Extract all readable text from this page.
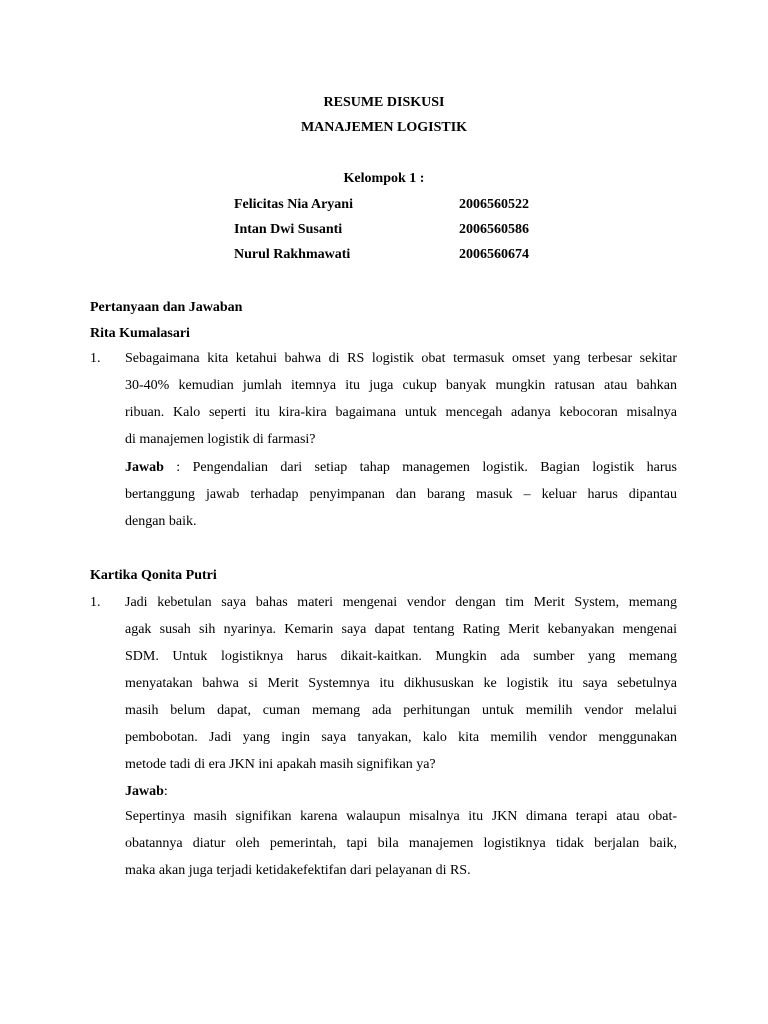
RESUME DISKUSI
MANAJEMEN LOGISTIK
Kelompok 1 :
Felicitas Nia Aryani	2006560522
Intan Dwi Susanti	2006560586
Nurul Rakhmawati	2006560674
Pertanyaan dan Jawaban
Rita Kumalasari
1. Sebagaimana kita ketahui bahwa di RS logistik obat termasuk omset yang terbesar sekitar
30-40% kemudian jumlah itemnya itu juga cukup banyak mungkin ratusan atau bahkan
ribuan. Kalo seperti itu kira-kira bagaimana untuk mencegah adanya kebocoran misalnya
di manajemen logistik di farmasi?
Jawab : Pengendalian dari setiap tahap managemen logistik. Bagian logistik harus
bertanggung jawab terhadap penyimpanan dan barang masuk – keluar harus dipantau
dengan baik.
Kartika Qonita Putri
1. Jadi kebetulan saya bahas materi mengenai vendor dengan tim Merit System, memang
agak susah sih nyarinya. Kemarin saya dapat tentang Rating Merit kebanyakan mengenai
SDM. Untuk logistiknya harus dikait-kaitkan. Mungkin ada sumber yang memang
menyatakan bahwa si Merit Systemnya itu dikhususkan ke logistik itu saya sebetulnya
masih belum dapat, cuman memang ada perhitungan untuk memilih vendor melalui
pembobotan. Jadi yang ingin saya tanyakan, kalo kita memilih vendor menggunakan
metode tadi di era JKN ini apakah masih signifikan ya?
Jawab:
Sepertinya masih signifikan karena walaupun misalnya itu JKN dimana terapi atau obat-
obatannya diatur oleh pemerintah, tapi bila manajemen logistiknya tidak berjalan baik,
maka akan juga terjadi ketidakefektifan dari pelayanan di RS.
